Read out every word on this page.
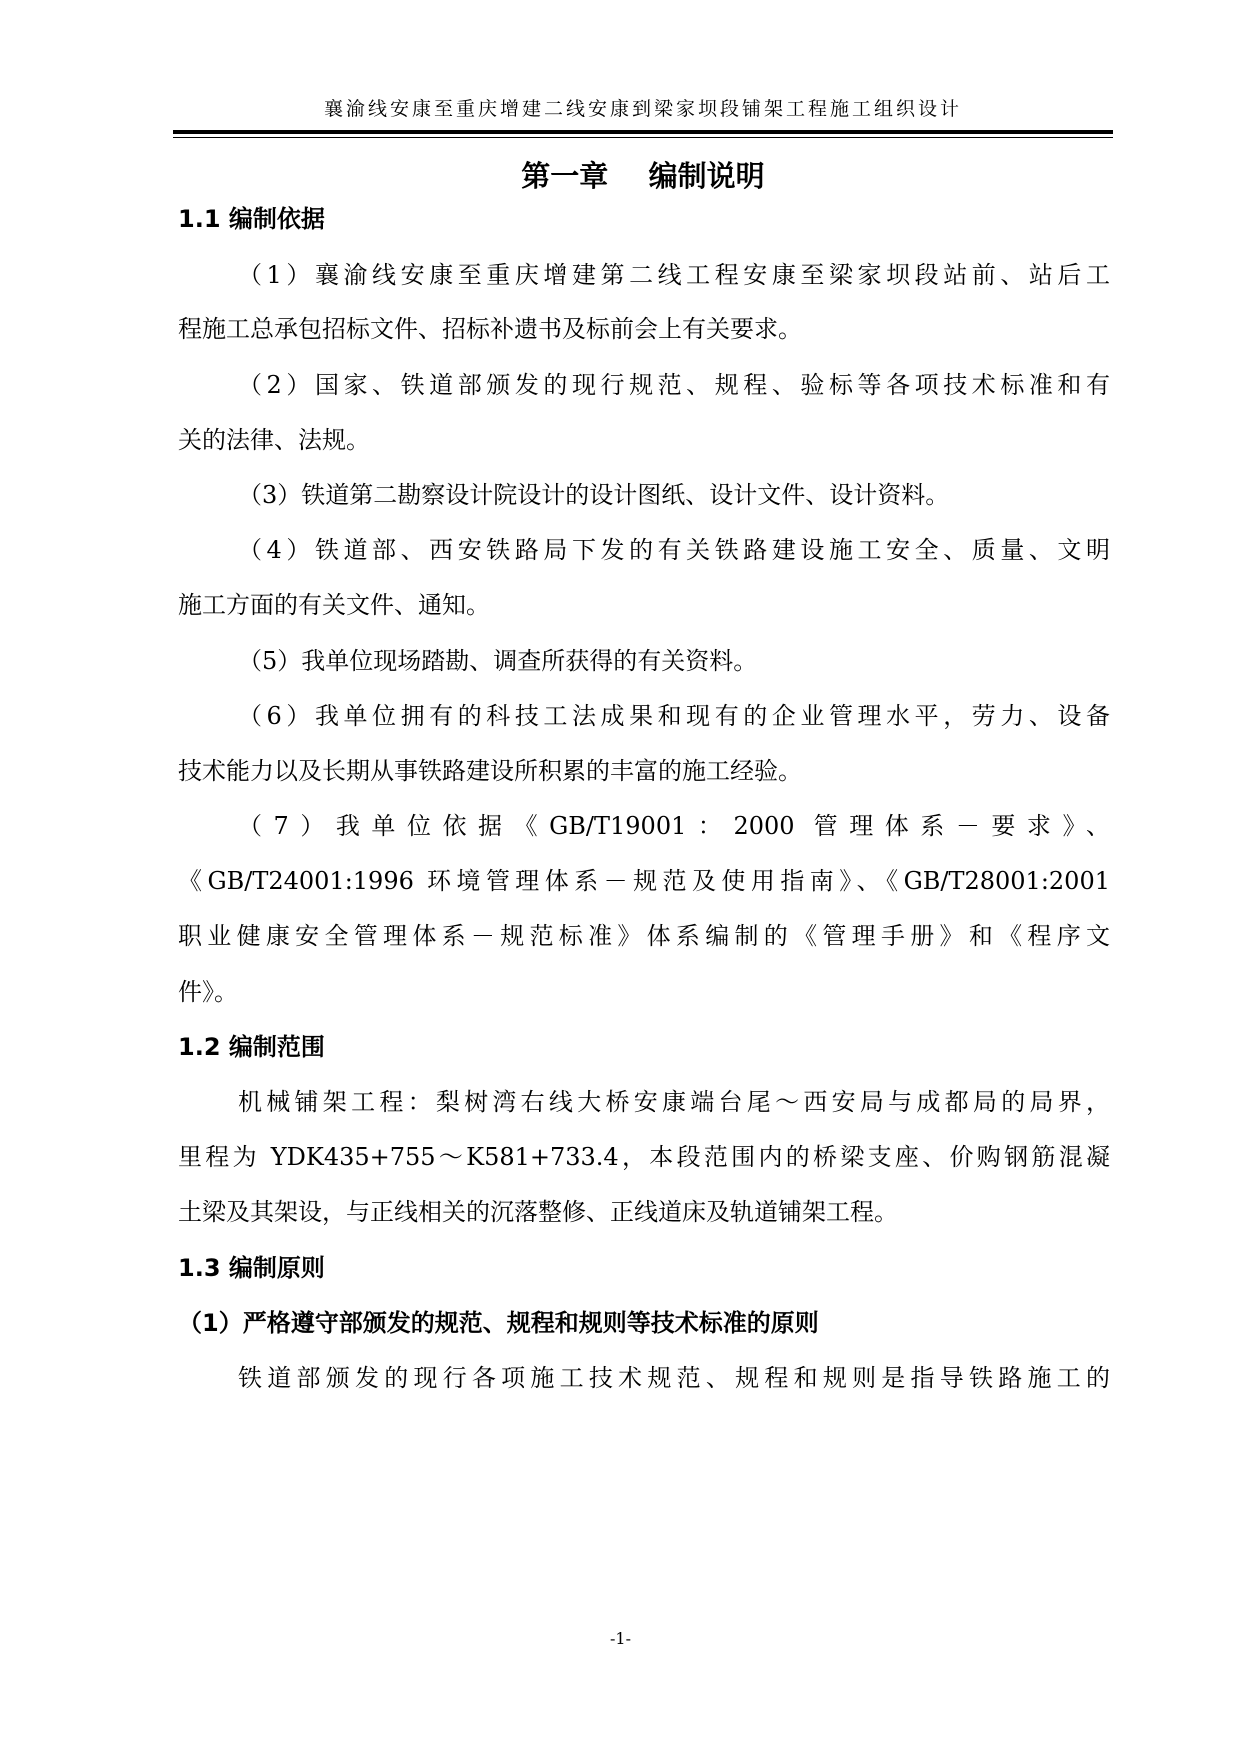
襄渝线安康至重庆增建二线安康到梁家坝段铺架工程施工组织设计
第一章    编制说明
1.1 编制依据
（1）襄渝线安康至重庆增建第二线工程安康至梁家坝段站前、站后工
程施工总承包招标文件、招标补遗书及标前会上有关要求。
（2）国家、铁道部颁发的现行规范、规程、验标等各项技术标准和有
关的法律、法规。
（3）铁道第二勘察设计院设计的设计图纸、设计文件、设计资料。
（4）铁道部、西安铁路局下发的有关铁路建设施工安全、质量、文明
施工方面的有关文件、通知。
（5）我单位现场踏勘、调查所获得的有关资料。
（6）我单位拥有的科技工法成果和现有的企业管理水平，劳力、设备
技术能力以及长期从事铁路建设所积累的丰富的施工经验。
（7）我单位依据《GB/T19001：2000 管理体系－要求》、
《GB/T24001:1996 环境管理体系－规范及使用指南》、《GB/T28001:2001
职业健康安全管理体系－规范标准》体系编制的《管理手册》和《程序文
件》。
1.2 编制范围
机械铺架工程：梨树湾右线大桥安康端台尾～西安局与成都局的局界，
里程为 YDK435+755～K581+733.4，本段范围内的桥梁支座、价购钢筋混凝
土梁及其架设，与正线相关的沉落整修、正线道床及轨道铺架工程。
1.3 编制原则
（1）严格遵守部颁发的规范、规程和规则等技术标准的原则
铁道部颁发的现行各项施工技术规范、规程和规则是指导铁路施工的
-1-
